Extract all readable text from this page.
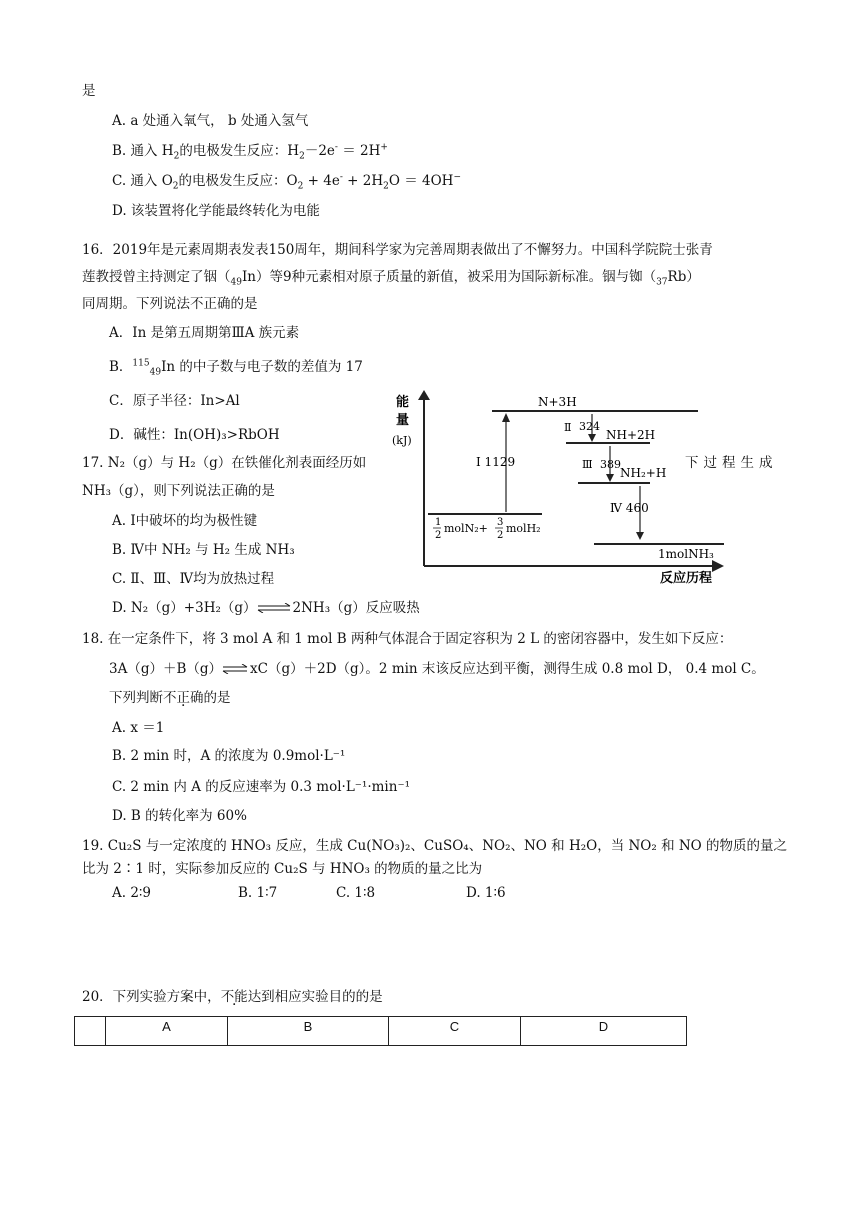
是
A. a 处通入氧气， b 处通入氢气
B. 通入 $H_2$的电极发生反应：$H_2-2e^- = 2H^+$
C. 通入 $O_2$的电极发生反应：$O_2 + 4e^- + 2H_2O = 4OH^-$
D. 该装置将化学能最终转化为电能
16．2019年是元素周期表发表150周年，期间科学家为完善周期表做出了不懈努力。中国科学院院士张青
莲教授曾主持测定了铟$(_{49}In)$等9种元素相对原子质量的新值，被采用为国际新标准。铟与铷$(_{37}Rb)$
同周期。下列说法不正确的是
A．In 是第五周期第ⅢA 族元素
B．$^{115}_{49}$In 的中子数与电子数的差值为 17
C．原子半径：In>Al
D．碱性：In(OH)₃>RbOH
17. N₂（g）与 H₂（g）在铁催化剂表面经历如	下过程生成
NH₃（g），则下列说法正确的是
A. Ⅰ中破坏的均为极性键
B. Ⅳ中 NH₂ 与 H₂ 生成 NH₃
C. Ⅱ、Ⅲ、Ⅳ均为放热过程
D. N₂（g）+3H₂（g）⇌2NH₃（g）反应吸热
能
量
(kJ)
反应历程
N+3H
NH+2H
NH₂+H
1molNH₃
1
2
molN₂+ 3
2
molH₂
Ⅰ 1129
Ⅱ 324
Ⅲ 389
Ⅳ 460
18. 在一定条件下，将 3 mol A 和 1 mol B 两种气体混合于固定容积为 2 L 的密闭容器中，发生如下反应：
3A（g）＋B（g）⇌xC（g）＋2D（g）。2 min 末该反应达到平衡，测得生成 0.8 mol D， 0.4 mol C。
下列判断不正确的是
A. x ＝1
B. 2 min 时，A 的浓度为 0.9mol·L⁻¹
C. 2 min 内 A 的反应速率为 0.3 mol·L⁻¹·min⁻¹
D. B 的转化率为 60%
19. Cu₂S 与一定浓度的 HNO₃ 反应，生成 Cu(NO₃)₂、CuSO₄、NO₂、NO 和 H₂O，当 NO₂ 和 NO 的物质的量之
比为 2∶1 时，实际参加反应的 Cu₂S 与 HNO₃ 的物质的量之比为
A. 2∶9	B. 1∶7	C. 1∶8	D. 1∶6
20．下列实验方案中，不能达到相应实验目的的是
	A	B	C	D
